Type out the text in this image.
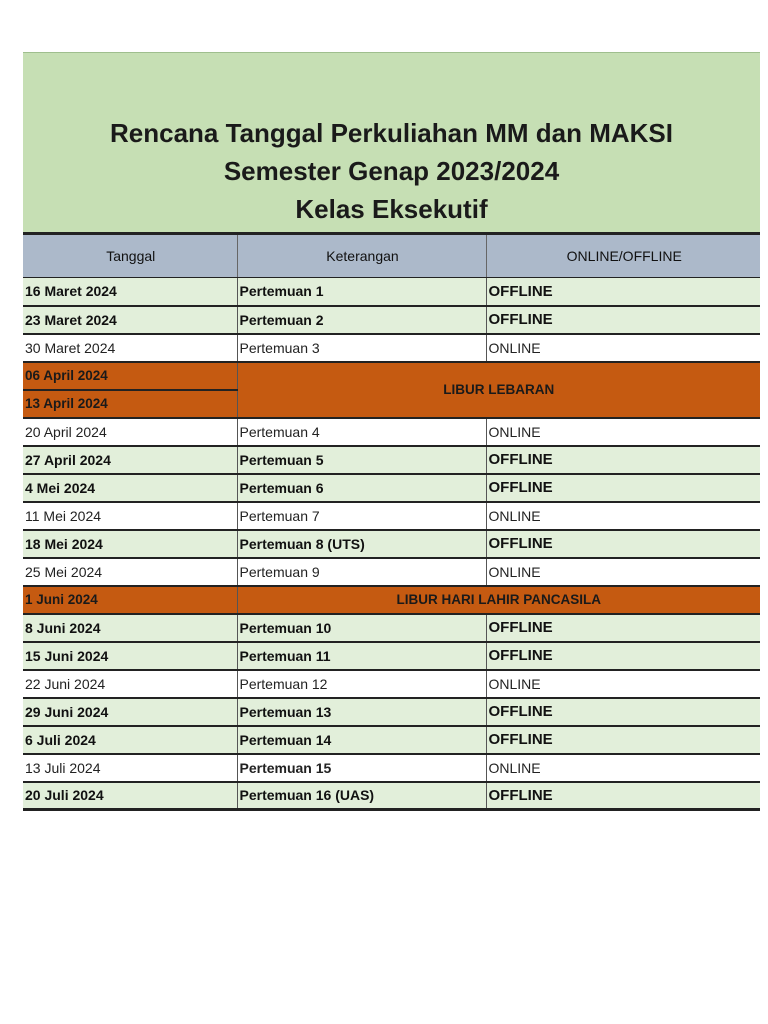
Rencana Tanggal Perkuliahan MM dan MAKSI
Semester Genap 2023/2024
Kelas Eksekutif
Tanggal	Keterangan	ONLINE/OFFLINE
16 Maret 2024	Pertemuan 1	OFFLINE
23 Maret 2024	Pertemuan 2	OFFLINE
30 Maret 2024	Pertemuan 3	ONLINE
06 April 2024	LIBUR LEBARAN	
13 April 2024		
20 April 2024	Pertemuan 4	ONLINE
27 April 2024	Pertemuan 5	OFFLINE
4 Mei 2024	Pertemuan 6	OFFLINE
11 Mei 2024	Pertemuan 7	ONLINE
18 Mei 2024	Pertemuan 8 (UTS)	OFFLINE
25 Mei 2024	Pertemuan 9	ONLINE
1 Juni 2024	LIBUR HARI LAHIR PANCASILA	
8 Juni 2024	Pertemuan 10	OFFLINE
15 Juni 2024	Pertemuan 11	OFFLINE
22 Juni 2024	Pertemuan 12	ONLINE
29 Juni 2024	Pertemuan 13	OFFLINE
6 Juli 2024	Pertemuan 14	OFFLINE
13 Juli 2024	Pertemuan 15	ONLINE
20 Juli 2024	Pertemuan 16 (UAS)	OFFLINE
